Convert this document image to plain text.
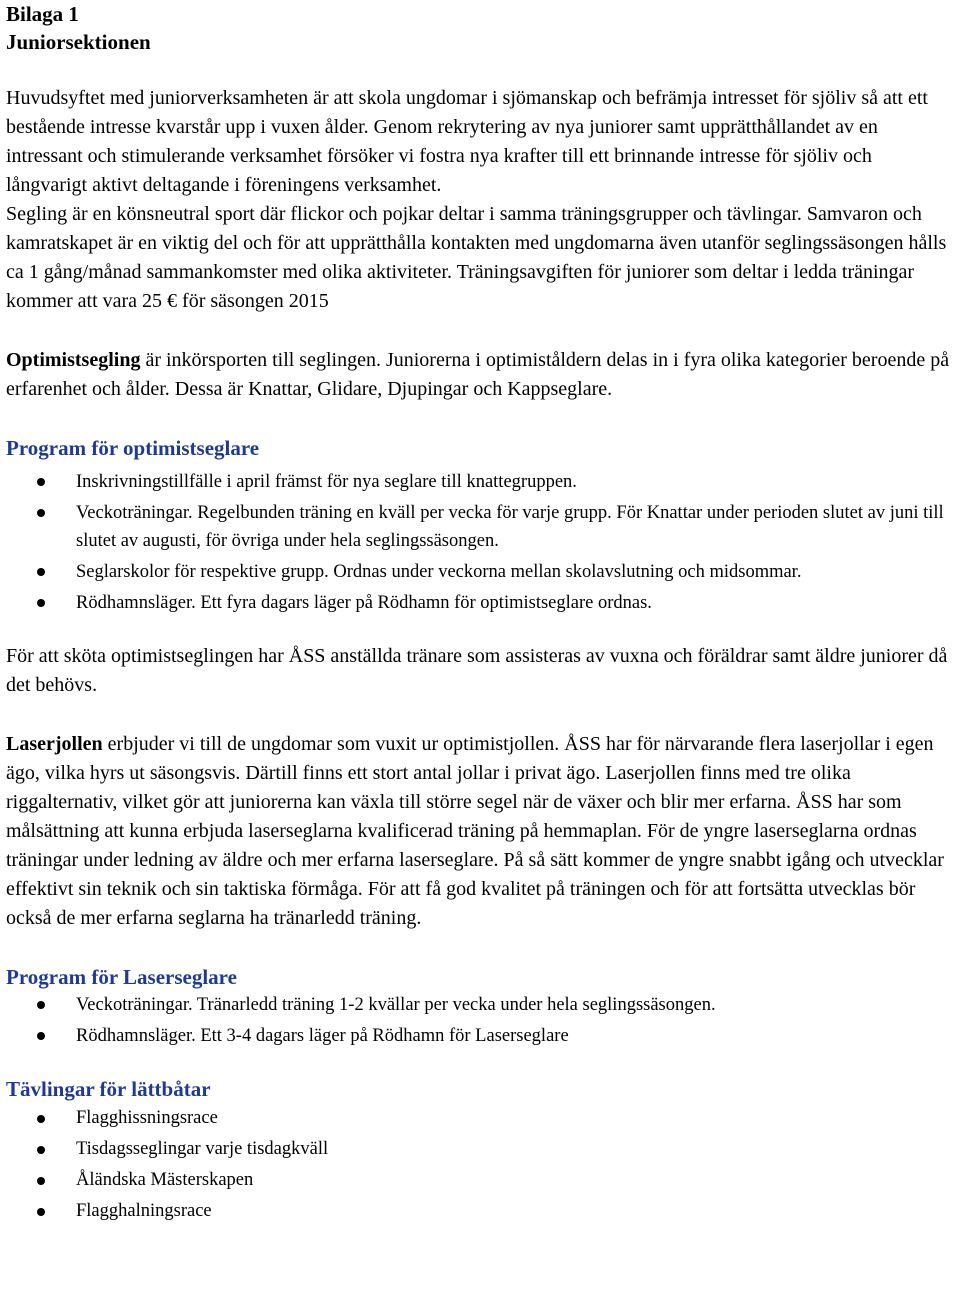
Bilaga 1
Juniorsektionen

Huvudsyftet med juniorverksamheten är att skola ungdomar i sjömanskap och befrämja intresset för sjöliv så att ett bestående intresse kvarstår upp i vuxen ålder. Genom rekrytering av nya juniorer samt upprätthållandet av en intressant och stimulerande verksamhet försöker vi fostra nya krafter till ett brinnande intresse för sjöliv och långvarigt aktivt deltagande i föreningens verksamhet.

Segling är en könsneutral sport där flickor och pojkar deltar i samma träningsgrupper och tävlingar. Samvaron och kamratskapet är en viktig del och för att upprätthålla kontakten med ungdomarna även utanför seglingssäsongen hålls ca 1 gång/månad sammankomster med olika aktiviteter. Träningsavgiften för juniorer som deltar i ledda träningar kommer att vara 25 € för säsongen 2015

Optimistsegling är inkörsporten till seglingen. Juniorerna i optimiståldern delas in i fyra olika kategorier beroende på erfarenhet och ålder. Dessa är Knattar, Glidare, Djupingar och Kappseglare.

Program för optimistseglare
Inskrivningstillfälle i april främst för nya seglare till knattegruppen.
Veckoträningar. Regelbunden träning en kväll per vecka för varje grupp. För Knattar under perioden slutet av juni till slutet av augusti, för övriga under hela seglingssäsongen.
Seglarskolor för respektive grupp. Ordnas under veckorna mellan skolavslutning och midsommar.
Rödhamnsläger. Ett fyra dagars läger på Rödhamn för optimistseglare ordnas.

För att sköta optimistseglingen har ÅSS anställda tränare som assisteras av vuxna och föräldrar samt äldre juniorer då det behövs.

Laserjollen erbjuder vi till de ungdomar som vuxit ur optimistjollen. ÅSS har för närvarande flera laserjollar i egen ägo, vilka hyrs ut säsongsvis. Därtill finns ett stort antal jollar i privat ägo. Laserjollen finns med tre olika riggalternativ, vilket gör att juniorerna kan växla till större segel när de växer och blir mer erfarna. ÅSS har som målsättning att kunna erbjuda laserseglarna kvalificerad träning på hemmaplan. För de yngre laserseglarna ordnas träningar under ledning av äldre och mer erfarna laserseglare. På så sätt kommer de yngre snabbt igång och utvecklar effektivt sin teknik och sin taktiska förmåga. För att få god kvalitet på träningen och för att fortsätta utvecklas bör också de mer erfarna seglarna ha tränarledd träning.

Program för Laserseglare
Veckoträningar. Tränarledd träning 1-2 kvällar per vecka under hela seglingssäsongen.
Rödhamnsläger. Ett 3-4 dagars läger på Rödhamn för Laserseglare
Tävlingar för lättbåtar
Flagghissningsrace
Tisdagsseglingar varje tisdagkväll
Åländska Mästerskapen
Flagghalningsrace
